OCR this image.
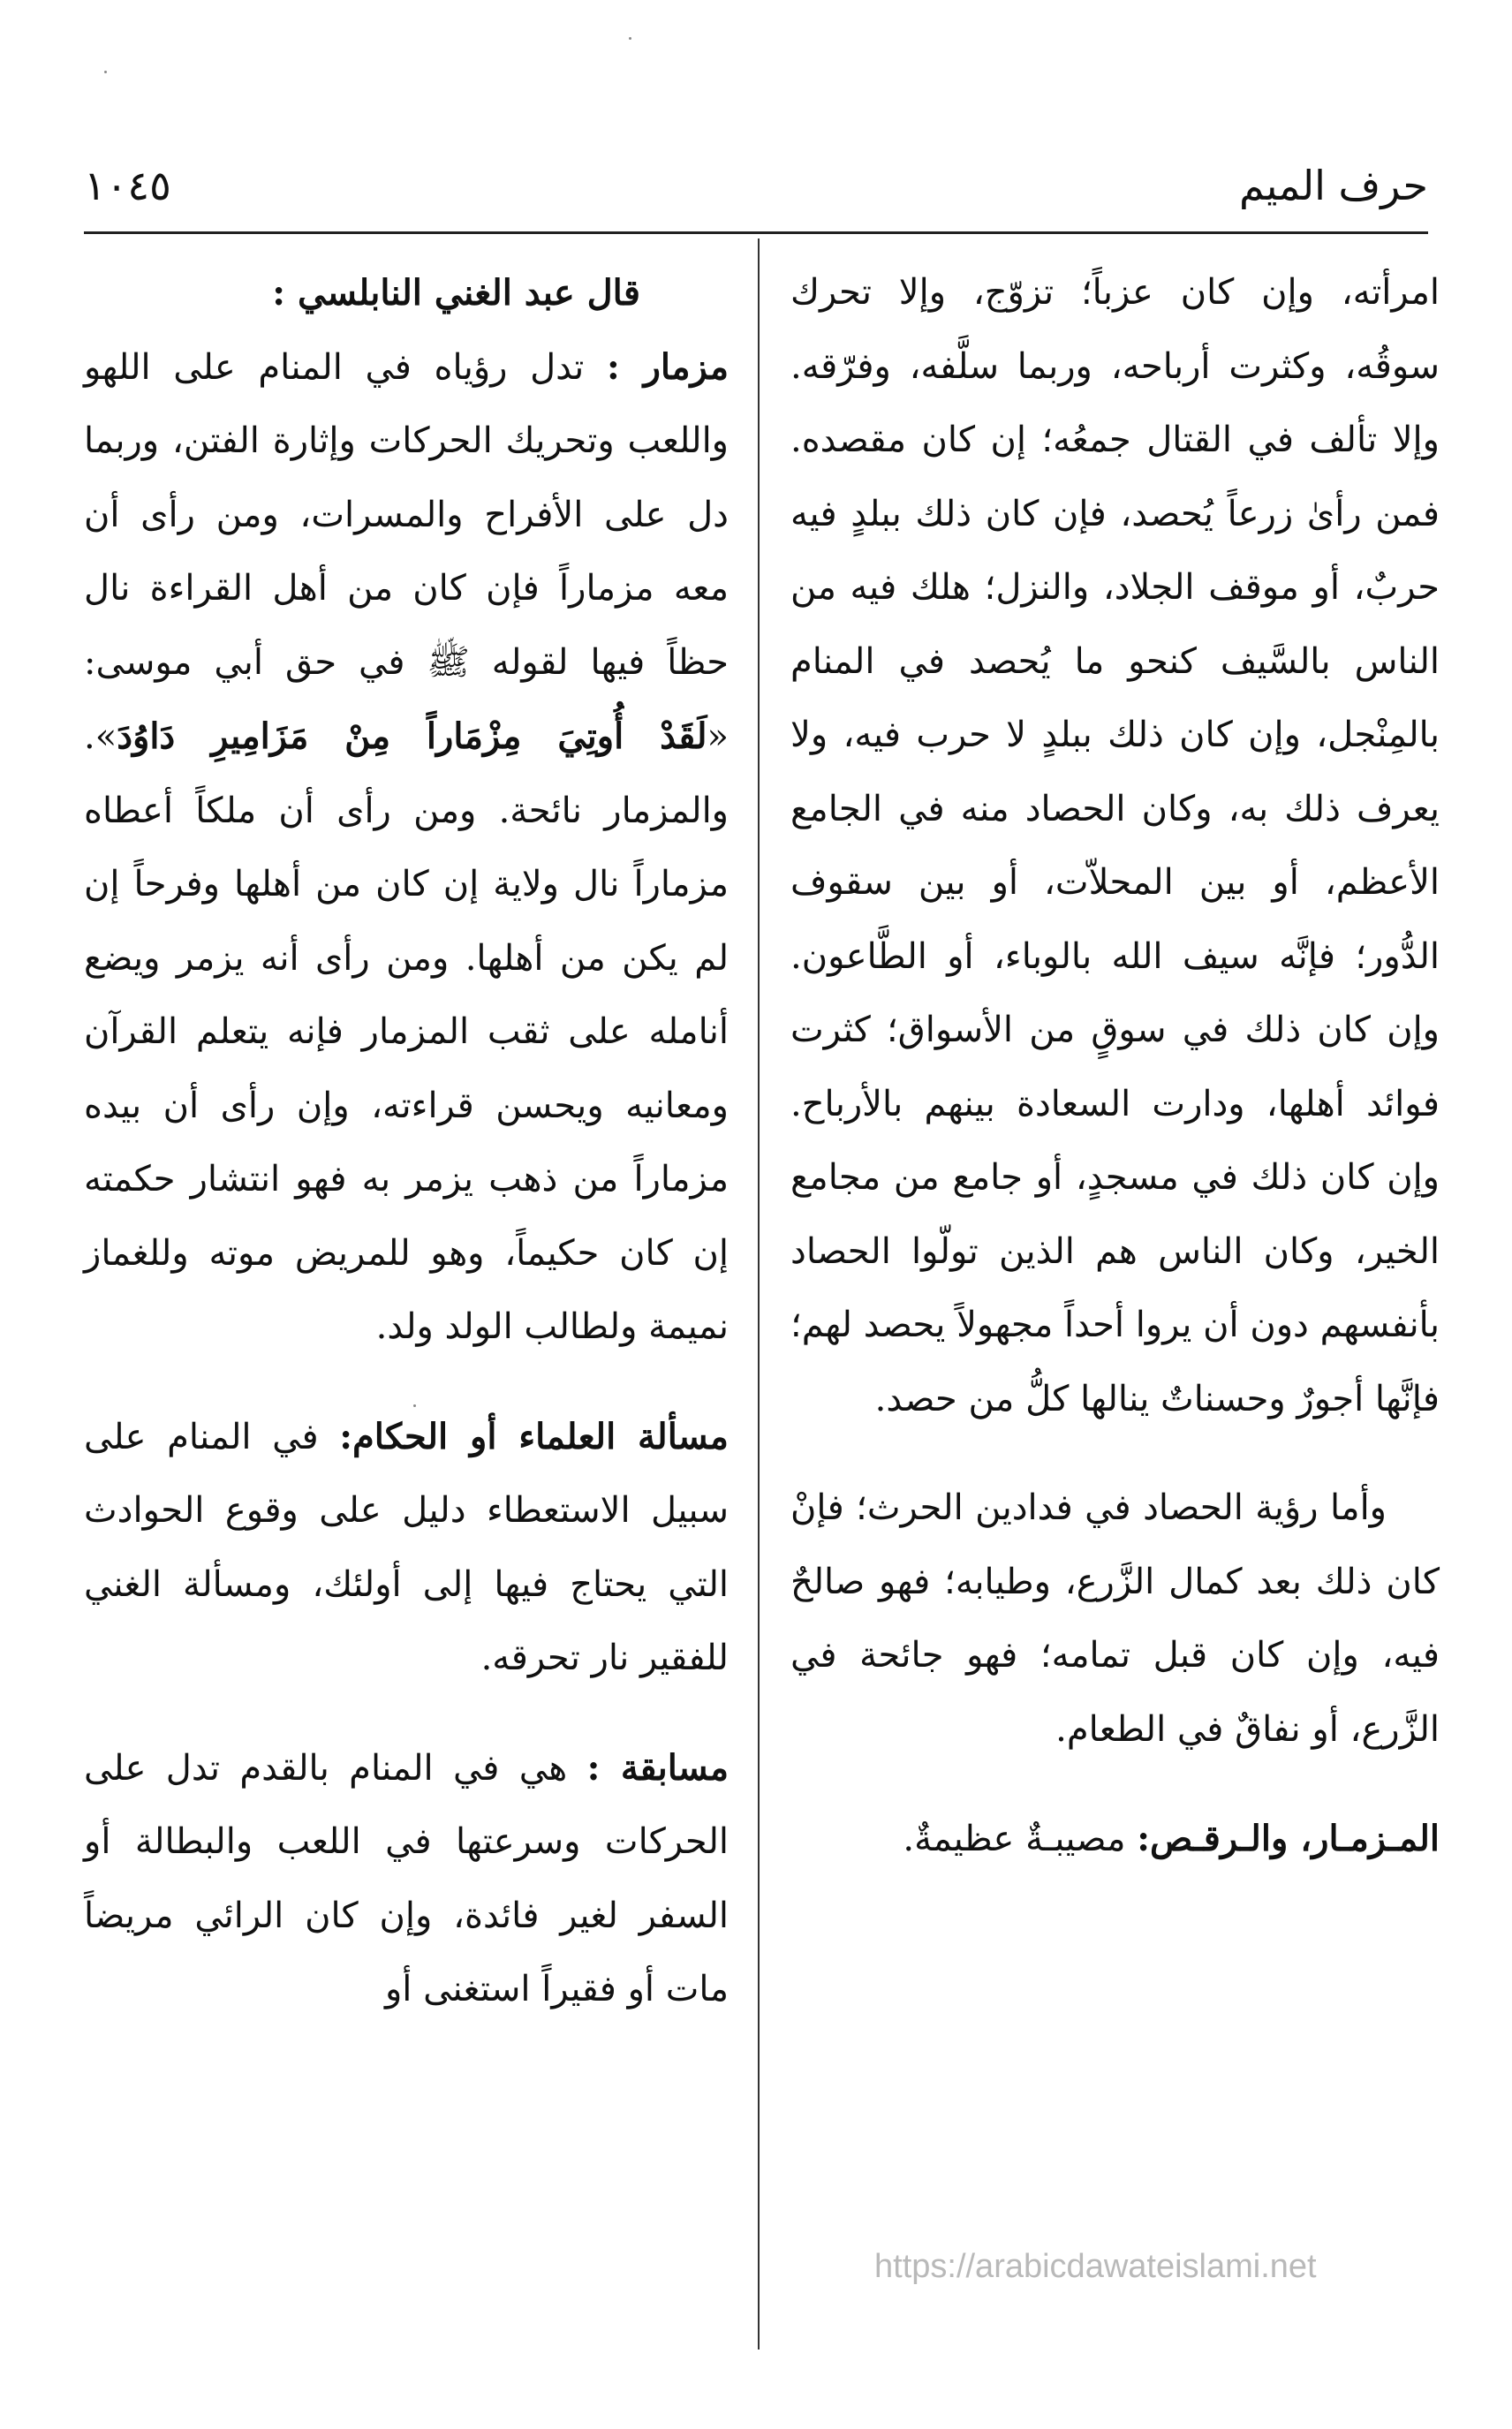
حرف الميم
١٠٤٥

امرأته، وإن كان عزباً؛ تزوّج، وإلا تحرك سوقُه، وكثرت أرباحه، وربما سلَّفه، وفرّقه. وإلا تألف في القتال جمعُه؛ إن كان مقصده. فمن رأىٰ زرعاً يُحصد، فإن كان ذلك ببلدٍ فيه حربٌ، أو موقف الجلاد، والنزل؛ هلك فيه من الناس بالسَّيف كنحو ما يُحصد في المنام بالمِنْجل، وإن كان ذلك ببلدٍ لا حرب فيه، ولا يعرف ذلك به، وكان الحصاد منه في الجامع الأعظم، أو بين المحلاّت، أو بين سقوف الدُّور؛ فإنَّه سيف الله بالوباء، أو الطَّاعون. وإن كان ذلك في سوقٍ من الأسواق؛ كثرت فوائد أهلها، ودارت السعادة بينهم بالأرباح. وإن كان ذلك في مسجدٍ، أو جامع من مجامع الخير، وكان الناس هم الذين تولّوا الحصاد بأنفسهم دون أن يروا أحداً مجهولاً يحصد لهم؛ فإنَّها أجورٌ وحسناتٌ ينالها كلُّ من حصد.

وأما رؤية الحصاد في فدادين الحرث؛ فإنْ كان ذلك بعد كمال الزَّرع، وطيابه؛ فهو صالحٌ فيه، وإن كان قبل تمامه؛ فهو جائحة في الزَّرع، أو نفاقٌ في الطعام.

المـزمـار، والـرقـص: مصيبـةٌ عظيمةٌ.

قال عبد الغني النابلسي :

مزمار : تدل رؤياه في المنام على اللهو واللعب وتحريك الحركات وإثارة الفتن، وربما دل على الأفراح والمسرات، ومن رأى أن معه مزماراً فإن كان من أهل القراءة نال حظاً فيها لقوله ﷺ في حق أبي موسى: «لَقَدْ أُوتِيَ مِزْمَاراً مِنْ مَزَامِيرِ دَاوُدَ». والمزمار نائحة. ومن رأى أن ملكاً أعطاه مزماراً نال ولاية إن كان من أهلها وفرحاً إن لم يكن من أهلها. ومن رأى أنه يزمر ويضع أنامله على ثقب المزمار فإنه يتعلم القرآن ومعانيه ويحسن قراءته، وإن رأى أن بيده مزماراً من ذهب يزمر به فهو انتشار حكمته إن كان حكيماً، وهو للمريض موته وللغماز نميمة ولطالب الولد ولد.

مسألة العلماء أو الحكام: في المنام على سبيل الاستعطاء دليل على وقوع الحوادث التي يحتاج فيها إلى أولئك، ومسألة الغني للفقير نار تحرقه.

مسابقة : هي في المنام بالقدم تدل على الحركات وسرعتها في اللعب والبطالة أو السفر لغير فائدة، وإن كان الرائي مريضاً مات أو فقيراً استغنى أو

https://arabicdawateislami.net
